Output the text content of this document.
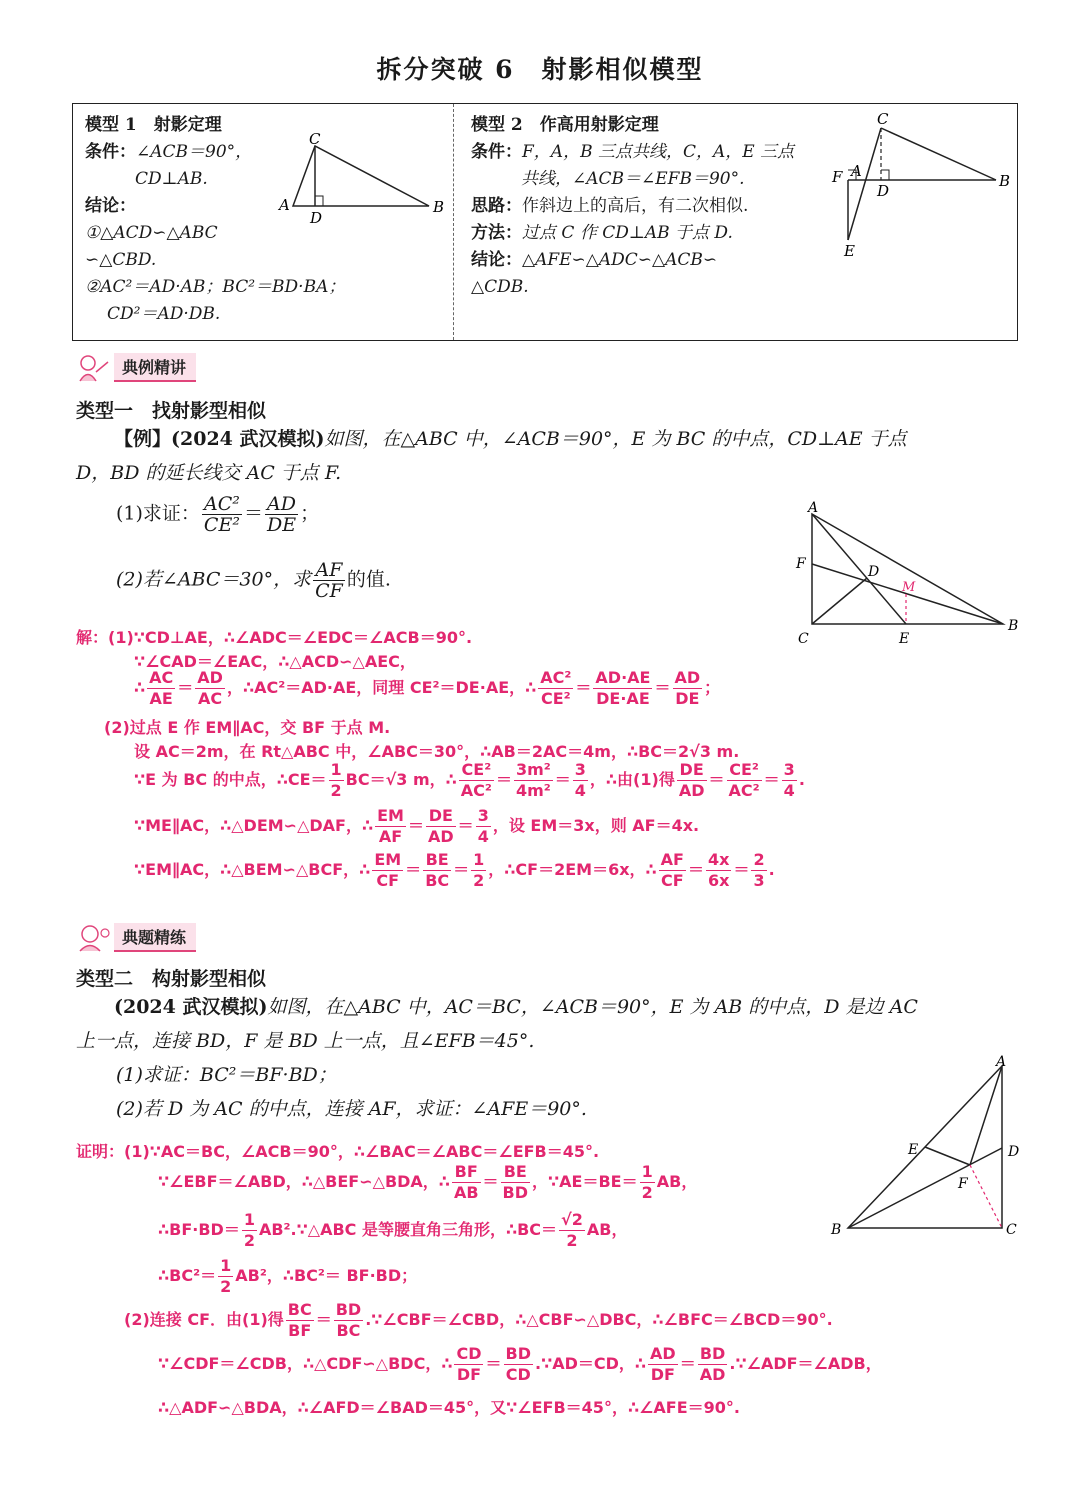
拆分突破 6　射影相似模型
模型 1　射影定理
条件：∠ACB＝90°，
CD⊥AB.
结论：
①△ACD∽△ABC
∽△CBD.
②AC²＝AD·AB；BC²＝BD·BA；
CD²＝AD·DB.
A	B
C
D
模型 2　作高用射影定理
条件：F，A，B 三点共线，C，A，E 三点
共线，∠ACB＝∠EFB＝90°.
思路：作斜边上的高后，有二次相似.
方法：过点 C 作 CD⊥AB 于点 D.
结论：△AFE∽△ADC∽△ACB∽
△CDB.
C
A
B
D
F
E
典例精讲
类型一　找射影型相似
【例】(2024 武汉模拟)如图，在△ABC 中，∠ACB＝90°，E 为 BC 的中点，CD⊥AE 于点
D，BD 的延长线交 AC 于点 F.
(1)求证： $\frac{\text{AC²}}{\text{CE²}} = \frac{AD}{DE}$ ；
(2)若∠ABC＝30°，求 $\frac{AF}{CF}$ 的值.
A
F	D
M
C	E
B
解：(1)∵CD⊥AE，∴∠ADC＝∠EDC＝∠ACB＝90°.
∵∠CAD＝∠EAC，∴△ACD∽△AEC，
∴ $\frac{AC}{AE} = \frac{AD}{AC}$ ，∴AC²＝AD·AE，同理 CE²＝DE·AE，∴ $\frac{\text{AC²}}{\text{CE²}} = \frac{AD\cdot AE}{DE\cdot AE} = \frac{AD}{DE}$ ；
(2)过点 E 作 EM∥AC，交 BF 于点 M.
设 AC＝2m，在 Rt△ABC 中，∠ABC＝30°，∴AB＝2AC＝4m，∴BC＝2√3 m.
∵E 为 BC 的中点，∴CE＝ $\frac{1}{2} BC=√3$ m，∴ $\frac{\text{CE²}}{\text{AC²}} = \frac{\text{3m²}}{\text{4m²}} = \frac{3}{4}$ ，∴由(1)得 $\frac{DE}{AD} = \frac{\text{CE²}}{\text{AC²}} = \frac{3}{4}$ .
∵ME∥AC，∴△DEM∽△DAF，∴ $\frac{EM}{AF} = \frac{DE}{AD} = \frac{3}{4}$ ，设 EM＝3x，则 AF＝4x.
∵EM∥AC，∴△BEM∽△BCF，∴ $\frac{EM}{CF} = \frac{BE}{BC} = \frac{1}{2}$ ，∴CF＝2EM＝6x，∴ $\frac{AF}{CF} = \frac{4x}{6x} = \frac{2}{3}$ .
典题精练
类型二　构射影型相似
(2024 武汉模拟)如图，在△ABC 中，AC＝BC，∠ACB＝90°，E 为 AB 的中点，D 是边 AC
上一点，连接 BD，F 是 BD 上一点，且∠EFB＝45°.
(1)求证：BC²＝BF·BD；
(2)若 D 为 AC 的中点，连接 AF，求证：∠AFE＝90°.
A
E	D
F
B	C
证明：(1)∵AC＝BC，∠ACB＝90°，∴∠BAC＝∠ABC＝∠EFB＝45°.
∵∠EBF＝∠ABD，∴△BEF∽△BDA，∴ $\frac{BF}{AB} = \frac{BE}{BD}$ ，∵AE＝BE＝ $\frac{1}{2}$ AB，
∴BF·BD＝ $\frac{1}{2}$ AB².∵△ABC 是等腰直角三角形，∴BC＝ $\frac{√2}{2}$ AB，
∴BC²＝ $\frac{1}{2} AB^2$，∴BC²＝ BF·BD；
(2)连接 CF．由(1)得 $\frac{BC}{BF} = \frac{BD}{BC}$ .∵∠CBF＝∠CBD，∴△CBF∽△DBC，∴∠BFC＝∠BCD＝90°.
∵∠CDF＝∠CDB，∴△CDF∽△BDC，∴ $\frac{CD}{DF} = \frac{BD}{CD}$ .∵AD＝CD，∴ $\frac{AD}{DF} = \frac{BD}{AD}$ .∵∠ADF＝∠ADB，
∴△ADF∽△BDA，∴∠AFD＝∠BAD＝45°，又∵∠EFB＝45°，∴∠AFE＝90°.
